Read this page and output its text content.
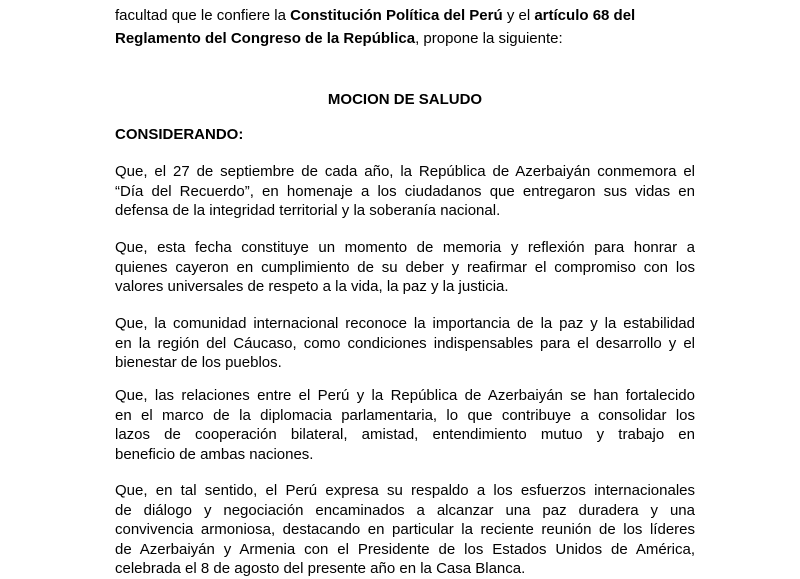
facultad que le confiere la Constitución Política del Perú y el artículo 68 del
Reglamento del Congreso de la República, propone la siguiente:
MOCION DE SALUDO
CONSIDERANDO:
Que, el 27 de septiembre de cada año, la República de Azerbaiyán conmemora el
“Día del Recuerdo”, en homenaje a los ciudadanos que entregaron sus vidas en
defensa de la integridad territorial y la soberanía nacional.
Que, esta fecha constituye un momento de memoria y reflexión para honrar a
quienes cayeron en cumplimiento de su deber y reafirmar el compromiso con los
valores universales de respeto a la vida, la paz y la justicia.
Que, la comunidad internacional reconoce la importancia de la paz y la estabilidad
en la región del Cáucaso, como condiciones indispensables para el desarrollo y el
bienestar de los pueblos.
Que, las relaciones entre el Perú y la República de Azerbaiyán se han fortalecido
en el marco de la diplomacia parlamentaria, lo que contribuye a consolidar los
lazos de cooperación bilateral, amistad, entendimiento mutuo y trabajo en
beneficio de ambas naciones.
Que, en tal sentido, el Perú expresa su respaldo a los esfuerzos internacionales
de diálogo y negociación encaminados a alcanzar una paz duradera y una
convivencia armoniosa, destacando en particular la reciente reunión de los líderes
de Azerbaiyán y Armenia con el Presidente de los Estados Unidos de América,
celebrada el 8 de agosto del presente año en la Casa Blanca.
